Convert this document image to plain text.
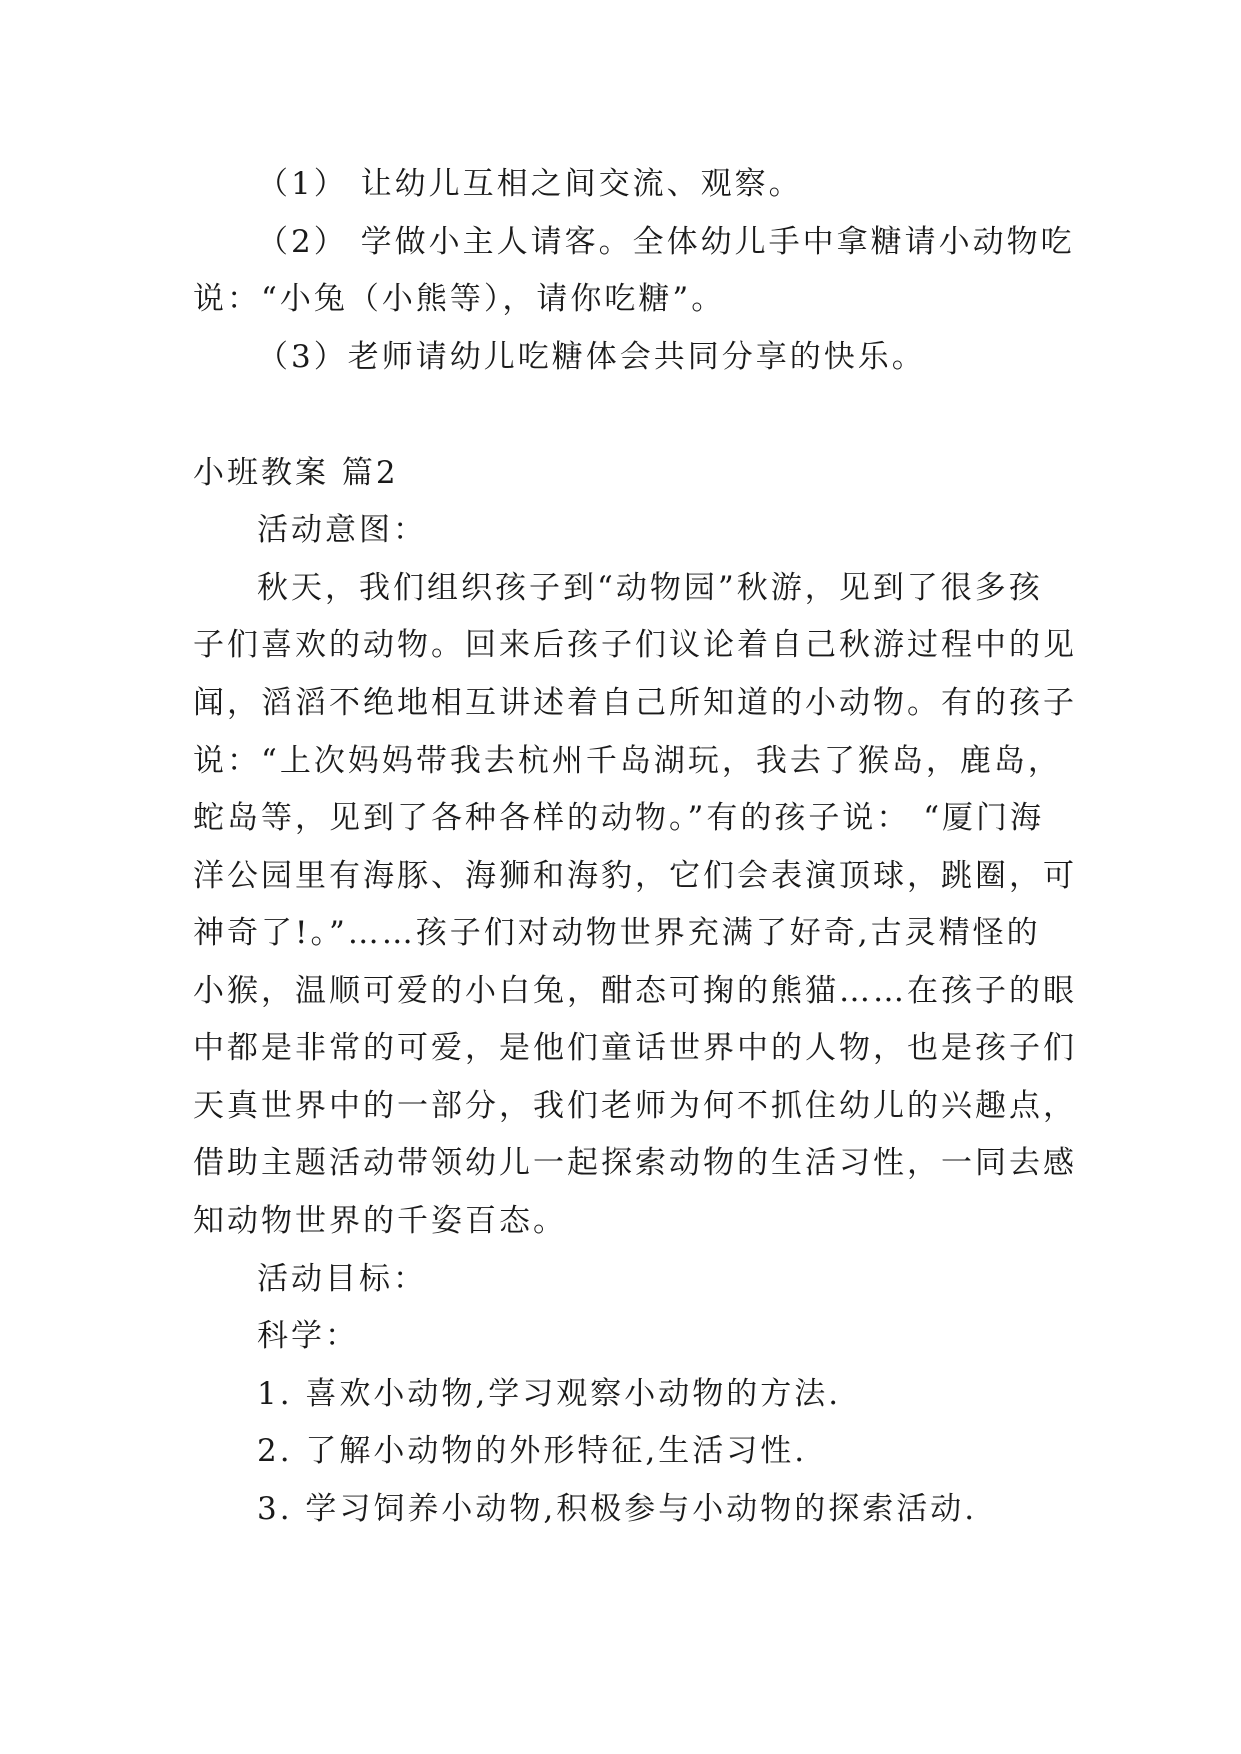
（1） 让幼儿互相之间交流、观察。
（2） 学做小主人请客。全体幼儿手中拿糖请小动物吃
说：“小兔（小熊等），请你吃糖”。
（3）老师请幼儿吃糖体会共同分享的快乐。
小班教案 篇2
活动意图：
秋天，我们组织孩子到“动物园”秋游，见到了很多孩
子们喜欢的动物。回来后孩子们议论着自己秋游过程中的见
闻，滔滔不绝地相互讲述着自己所知道的小动物。有的孩子
说：“上次妈妈带我去杭州千岛湖玩，我去了猴岛，鹿岛，
蛇岛等，见到了各种各样的动物。”有的孩子说： “厦门海
洋公园里有海豚、海狮和海豹，它们会表演顶球，跳圈，可
神奇了!。”……孩子们对动物世界充满了好奇,古灵精怪的
小猴，温顺可爱的小白兔，酣态可掬的熊猫……在孩子的眼
中都是非常的可爱，是他们童话世界中的人物，也是孩子们
天真世界中的一部分，我们老师为何不抓住幼儿的兴趣点，
借助主题活动带领幼儿一起探索动物的生活习性，一同去感
知动物世界的千姿百态。
活动目标：
科学：
1. 喜欢小动物,学习观察小动物的方法.
2. 了解小动物的外形特征,生活习性.
3. 学习饲养小动物,积极参与小动物的探索活动.
